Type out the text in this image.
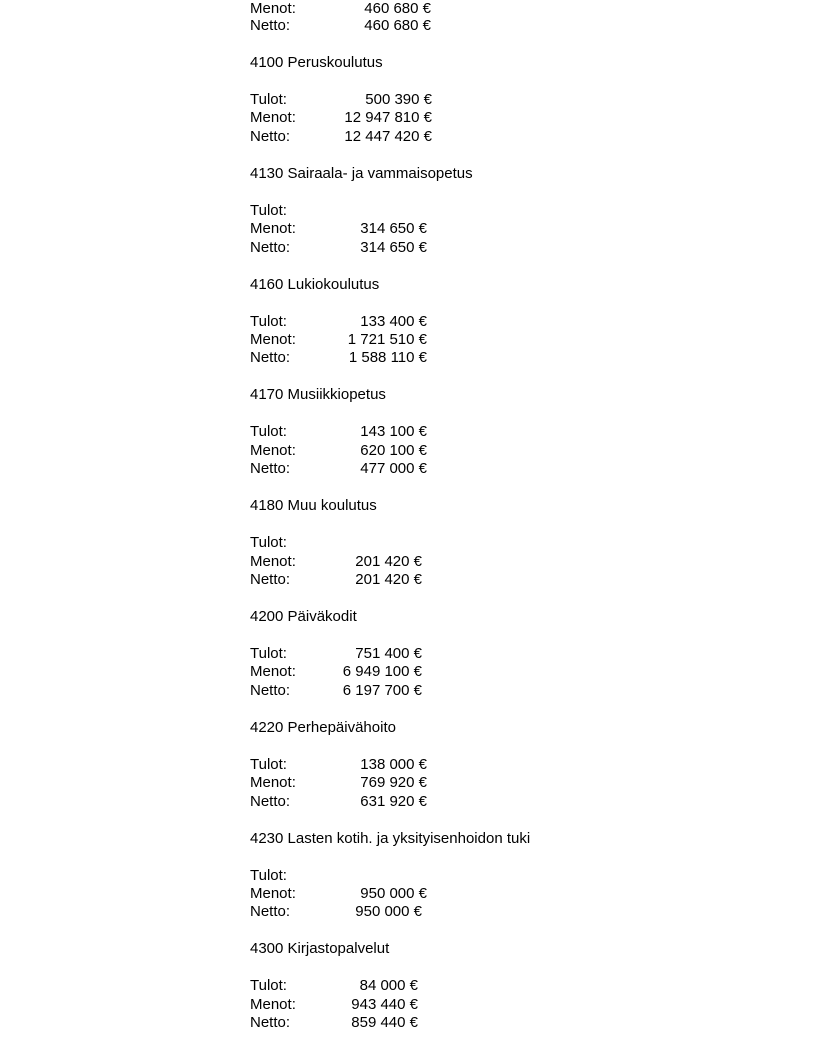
Menot:	460 680 €
Netto:	460 680 €
4100 Peruskoulutus
Tulot:	500 390 €
Menot:	12 947 810 €
Netto:	12 447 420 €
4130 Sairaala- ja vammaisopetus
Tulot:
Menot:	314 650 €
Netto:	314 650 €
4160 Lukiokoulutus
Tulot:	133 400 €
Menot:	1 721 510 €
Netto:	1 588 110 €
4170 Musiikkiopetus
Tulot:	143 100 €
Menot:	620 100 €
Netto:	477 000 €
4180 Muu koulutus
Tulot:
Menot:	201 420 €
Netto:	201 420 €
4200 Päiväkodit
Tulot:	751 400 €
Menot:	6 949 100 €
Netto:	6 197 700 €
4220 Perhepäivähoito
Tulot:	138 000 €
Menot:	769 920 €
Netto:	631 920 €
4230 Lasten kotih. ja yksityisenhoidon tuki
Tulot:
Menot:	950 000 €
Netto:	950 000 €
4300 Kirjastopalvelut
Tulot:	84 000 €
Menot:	943 440 €
Netto:	859 440 €
